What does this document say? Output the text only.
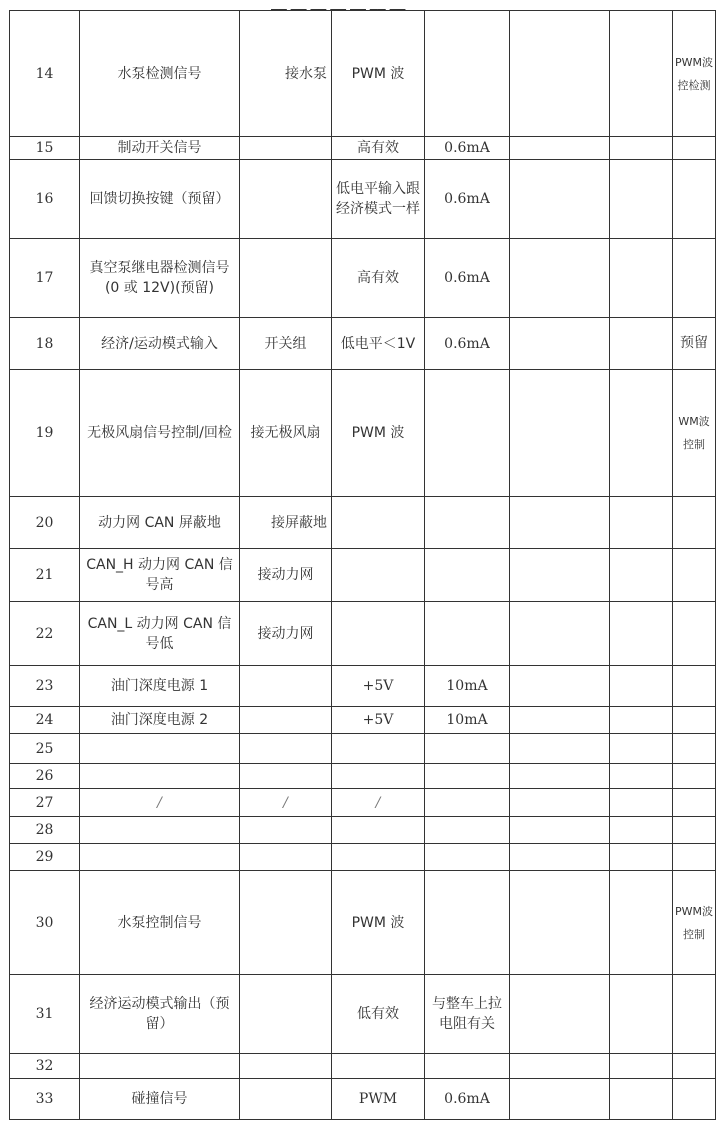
── ── ── ── ── ── ──
14	水泵检测信号	接水泵	PWM 波				PWM波控检测
15	制动开关信号		高有效	0.6mA			
16	回馈切换按键（预留）		低电平输入跟经济模式一样	0.6mA			
17	真空泵继电器检测信号(0 或 12V)(预留)		高有效	0.6mA			
18	经济/运动模式输入	开关组	低电平＜1V	0.6mA			预留
19	无极风扇信号控制/回检	接无极风扇	PWM 波				WM波控制
20	动力网 CAN 屏蔽地	接屏蔽地					
21	CAN_H 动力网 CAN 信号高	接动力网					
22	CAN_L 动力网 CAN 信号低	接动力网					
23	油门深度电源 1		+5V	10mA			
24	油门深度电源 2		+5V	10mA			
25							
26							
27	/	/	/				
28							
29							
30	水泵控制信号		PWM 波				PWM波控制
31	经济运动模式输出（预留）		低有效	与整车上拉电阻有关			
32							
33	碰撞信号		PWM	0.6mA			
